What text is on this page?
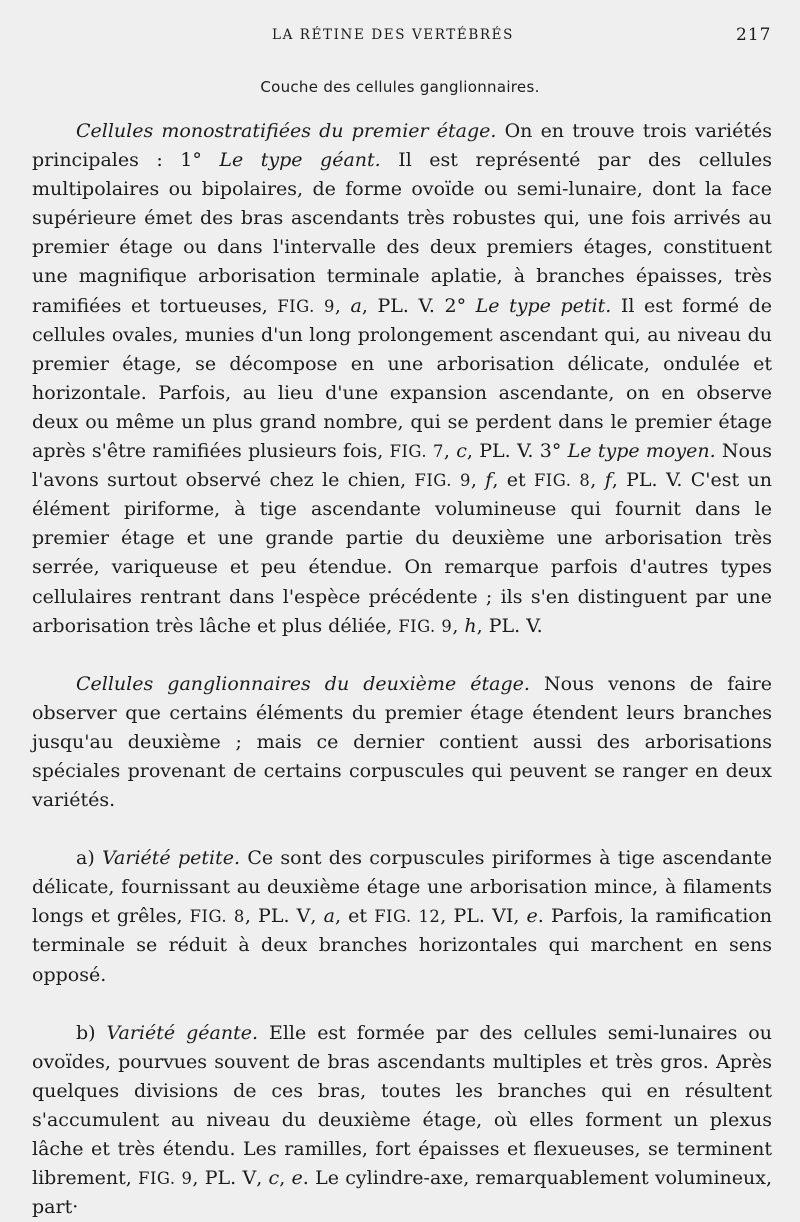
LA RÉTINE DES VERTÉBRÉS	217
Couche des cellules ganglionnaires.

Cellules monostratifiées du premier étage. On en trouve trois variétés principales : 1° Le type géant. Il est représenté par des cellules multipolaires ou bipolaires, de forme ovoïde ou semi-lunaire, dont la face supérieure émet des bras ascendants très robustes qui, une fois arrivés au premier étage ou dans l'intervalle des deux premiers étages, constituent une magnifique arborisation terminale aplatie, à branches épaisses, très ramifiées et tortueuses, FIG. 9, a, PL. V. 2° Le type petit. Il est formé de cellules ovales, munies d'un long prolongement ascendant qui, au niveau du premier étage, se décompose en une arborisation délicate, ondulée et horizontale. Parfois, au lieu d'une expansion ascendante, on en observe deux ou même un plus grand nombre, qui se perdent dans le premier étage après s'être ramifiées plusieurs fois, FIG. 7, c, PL. V. 3° Le type moyen. Nous l'avons surtout observé chez le chien, FIG. 9, f, et FIG. 8, f, PL. V. C'est un élément piriforme, à tige ascendante volumineuse qui fournit dans le premier étage et une grande partie du deuxième une arborisation très serrée, variqueuse et peu étendue. On remarque parfois d'autres types cellulaires rentrant dans l'espèce précédente ; ils s'en distinguent par une arborisation très lâche et plus déliée, FIG. 9, h, PL. V.

Cellules ganglionnaires du deuxième étage. Nous venons de faire observer que certains éléments du premier étage étendent leurs branches jusqu'au deuxième ; mais ce dernier contient aussi des arborisations spéciales provenant de certains corpuscules qui peuvent se ranger en deux variétés.

a) Variété petite. Ce sont des corpuscules piriformes à tige ascendante délicate, fournissant au deuxième étage une arborisation mince, à filaments longs et grêles, FIG. 8, PL. V, a, et FIG. 12, PL. VI, e. Parfois, la ramification terminale se réduit à deux branches horizontales qui marchent en sens opposé.

b) Variété géante. Elle est formée par des cellules semi-lunaires ou ovoïdes, pourvues souvent de bras ascendants multiples et très gros. Après quelques divisions de ces bras, toutes les branches qui en résultent s'accumulent au niveau du deuxième étage, où elles forment un plexus lâche et très étendu. Les ramilles, fort épaisses et flexueuses, se terminent librement, FIG. 9, PL. V, c, e. Le cylindre-axe, remarquablement volumineux, part·
